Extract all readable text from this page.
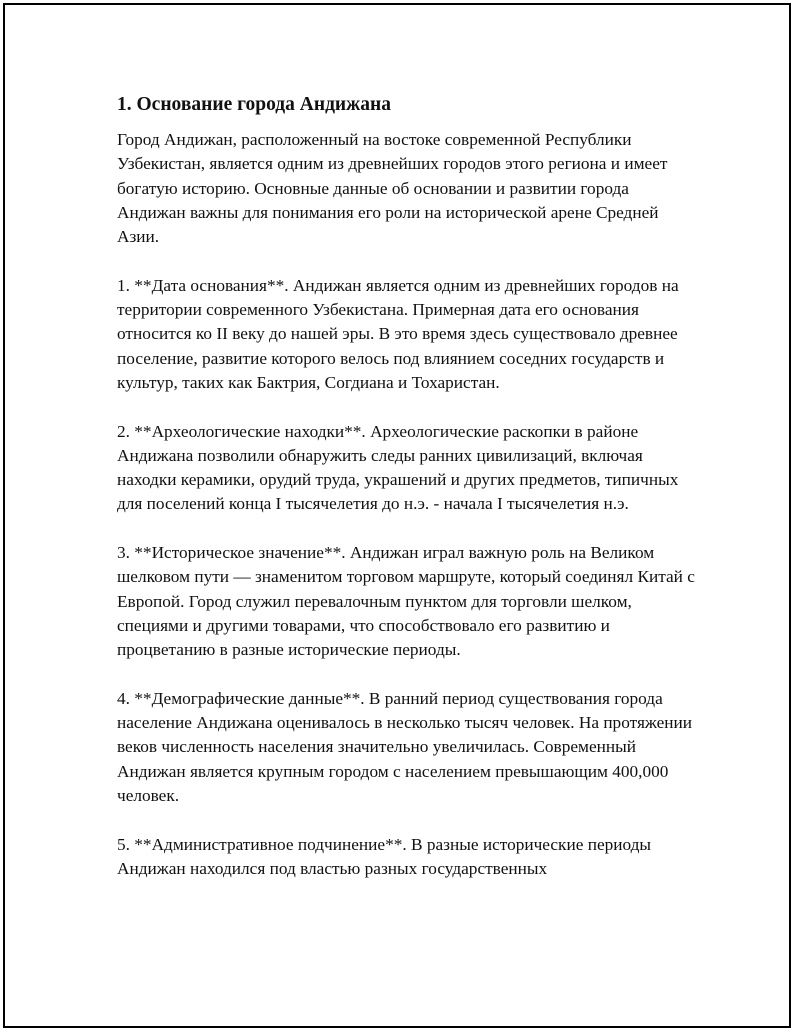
1. Основание города Андижана

Город Андижан, расположенный на востоке современной Республики Узбекистан, является одним из древнейших городов этого региона и имеет богатую историю. Основные данные об основании и развитии города Андижан важны для понимания его роли на исторической арене Средней Азии.

1. **Дата основания**. Андижан является одним из древнейших городов на территории современного Узбекистана. Примерная дата его основания относится ко II веку до нашей эры. В это время здесь существовало древнее поселение, развитие которого велось под влиянием соседних государств и культур, таких как Бактрия, Согдиана и Тохаристан.

2. **Археологические находки**. Археологические раскопки в районе Андижана позволили обнаружить следы ранних цивилизаций, включая находки керамики, орудий труда, украшений и других предметов, типичных для поселений конца I тысячелетия до н.э. - начала I тысячелетия н.э.

3. **Историческое значение**. Андижан играл важную роль на Великом шелковом пути — знаменитом торговом маршруте, который соединял Китай с Европой. Город служил перевалочным пунктом для торговли шелком, специями и другими товарами, что способствовало его развитию и процветанию в разные исторические периоды.

4. **Демографические данные**. В ранний период существования города население Андижана оценивалось в несколько тысяч человек. На протяжении веков численность населения значительно увеличилась. Современный Андижан является крупным городом с населением превышающим 400,000 человек.

5. **Административное подчинение**. В разные исторические периоды Андижан находился под властью разных государственных
